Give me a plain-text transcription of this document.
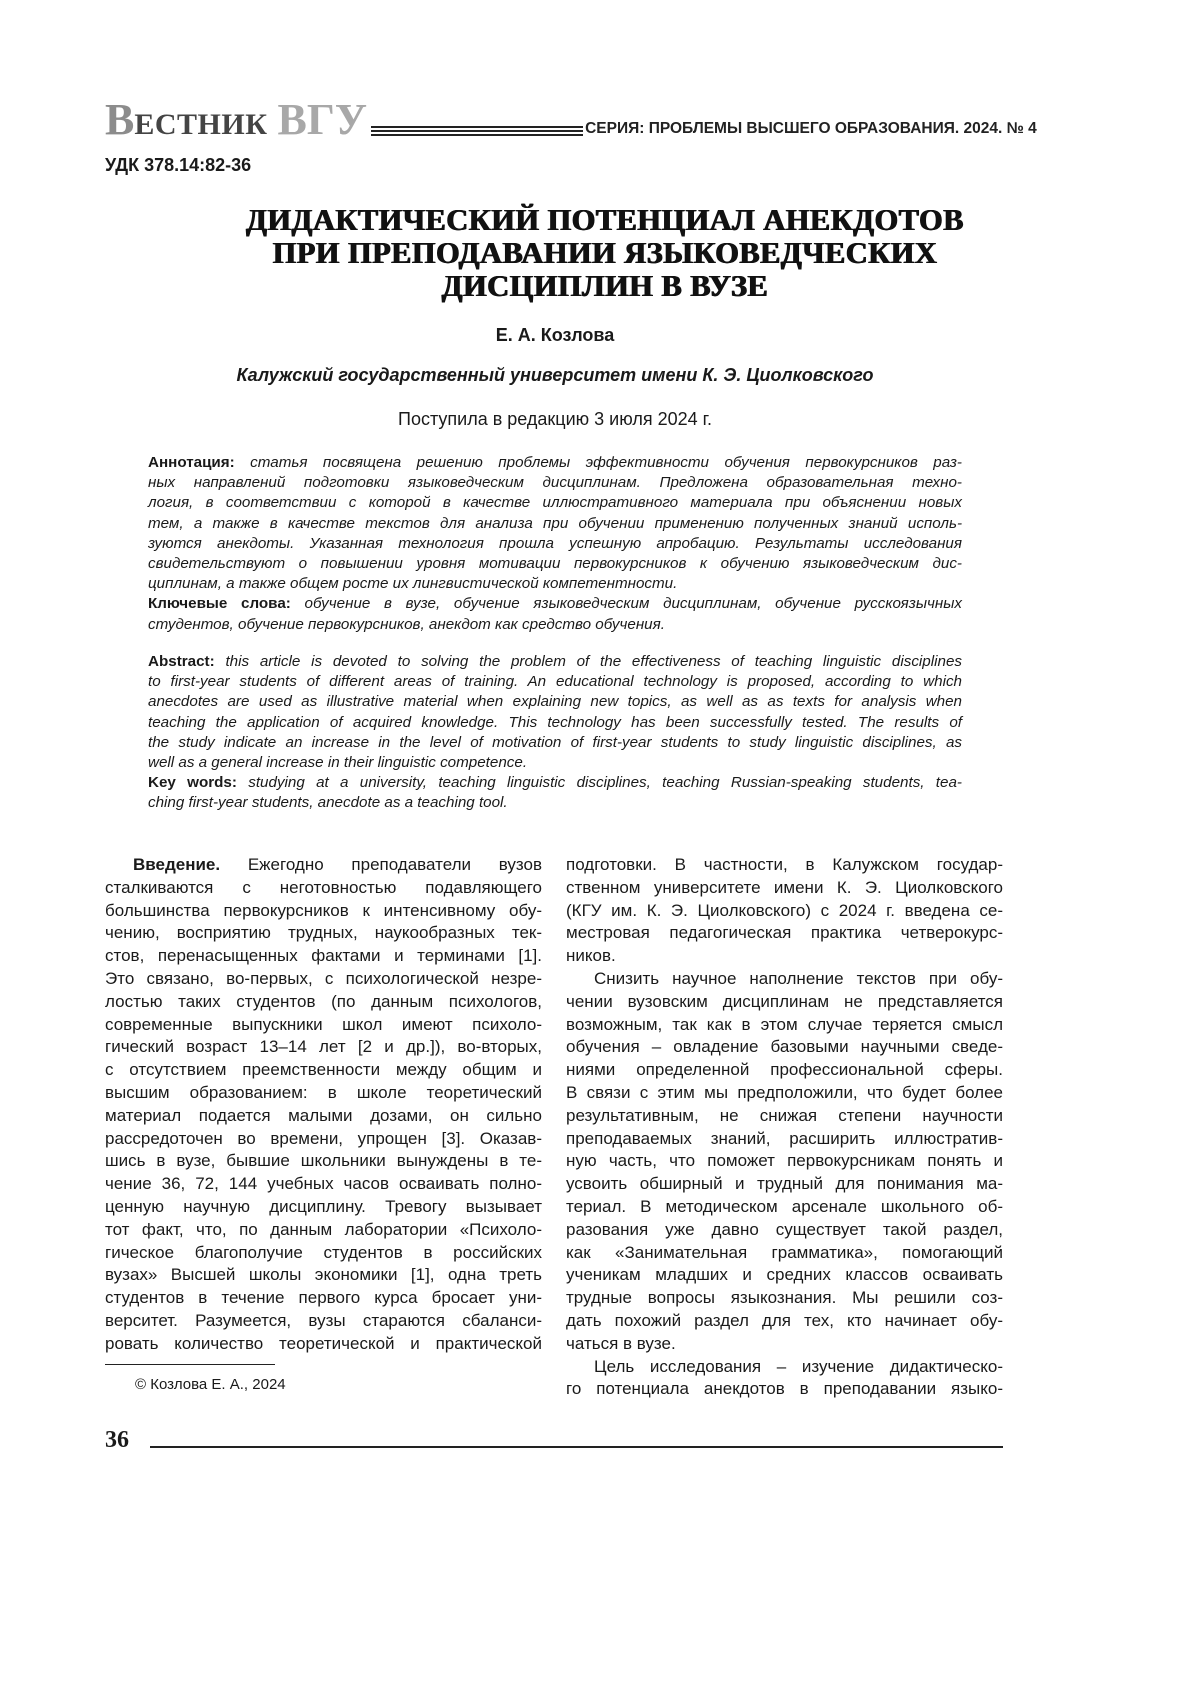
ВЕСТНИК ВГУ	СЕРИЯ: ПРОБЛЕМЫ ВЫСШЕГО ОБРАЗОВАНИЯ. 2024. № 4
УДК 378.14:82-36
ДИДАКТИЧЕСКИЙ ПОТЕНЦИАЛ АНЕКДОТОВ
ПРИ ПРЕПОДАВАНИИ ЯЗЫКОВЕДЧЕСКИХ
ДИСЦИПЛИН В ВУЗЕ
Е. А. Козлова
Калужский государственный университет имени К. Э. Циолковского
Поступила в редакцию 3 июля 2024 г.
Аннотация: статья посвящена решению проблемы эффективности обучения первокурсников раз-
ных направлений подготовки языковедческим дисциплинам. Предложена образовательная техно-
логия, в соответствии с которой в качестве иллюстративного материала при объяснении новых
тем, а также в качестве текстов для анализа при обучении применению полученных знаний исполь-
зуются анекдоты. Указанная технология прошла успешную апробацию. Результаты исследования
свидетельствуют о повышении уровня мотивации первокурсников к обучению языковедческим дис-
циплинам, а также общем росте их лингвистической компетентности.
Ключевые слова: обучение в вузе, обучение языковедческим дисциплинам, обучение русскоязычных
студентов, обучение первокурсников, анекдот как средство обучения.
Abstract: this article is devoted to solving the problem of the effectiveness of teaching linguistic disciplines
to first-year students of different areas of training. An educational technology is proposed, according to which
anecdotes are used as illustrative material when explaining new topics, as well as as texts for analysis when
teaching the application of acquired knowledge. This technology has been successfully tested. The results of
the study indicate an increase in the level of motivation of first-year students to study linguistic disciplines, as
well as a general increase in their linguistic competence.
Key words: studying at a university, teaching linguistic disciplines, teaching Russian-speaking students, tea-
ching first-year students, anecdote as a teaching tool.
Введение. Ежегодно преподаватели вузов
сталкиваются с неготовностью подавляющего
большинства первокурсников к интенсивному обу-
чению, восприятию трудных, наукообразных тек-
стов, перенасыщенных фактами и терминами [1].
Это связано, во-первых, с психологической незре-
лостью таких студентов (по данным психологов,
современные выпускники школ имеют психоло-
гический возраст 13–14 лет [2 и др.]), во-вторых,
с отсутствием преемственности между общим и
высшим образованием: в школе теоретический
материал подается малыми дозами, он сильно
рассредоточен во времени, упрощен [3]. Оказав-
шись в вузе, бывшие школьники вынуждены в те-
чение 36, 72, 144 учебных часов осваивать полно-
ценную научную дисциплину. Тревогу вызывает
тот факт, что, по данным лаборатории «Психоло-
гическое благополучие студентов в российских
вузах» Высшей школы экономики [1], одна треть
студентов в течение первого курса бросает уни-
верситет. Разумеется, вузы стараются сбаланси-
ровать количество теоретической и практической
подготовки. В частности, в Калужском государ-
ственном университете имени К. Э. Циолковского
(КГУ им. К. Э. Циолковского) с 2024 г. введена се-
местровая педагогическая практика четверокурс-
ников.
Снизить научное наполнение текстов при обу-
чении вузовским дисциплинам не представляется
возможным, так как в этом случае теряется смысл
обучения – овладение базовыми научными сведе-
ниями определенной профессиональной сферы.
В связи с этим мы предположили, что будет более
результативным, не снижая степени научности
преподаваемых знаний, расширить иллюстратив-
ную часть, что поможет первокурсникам понять и
усвоить обширный и трудный для понимания ма-
териал. В методическом арсенале школьного об-
разования уже давно существует такой раздел,
как «Занимательная грамматика», помогающий
ученикам младших и средних классов осваивать
трудные вопросы языкознания. Мы решили соз-
дать похожий раздел для тех, кто начинает обу-
чаться в вузе.
Цель исследования – изучение дидактическо-
го потенциала анекдотов в преподавании языко-
© Козлова Е. А., 2024
36
